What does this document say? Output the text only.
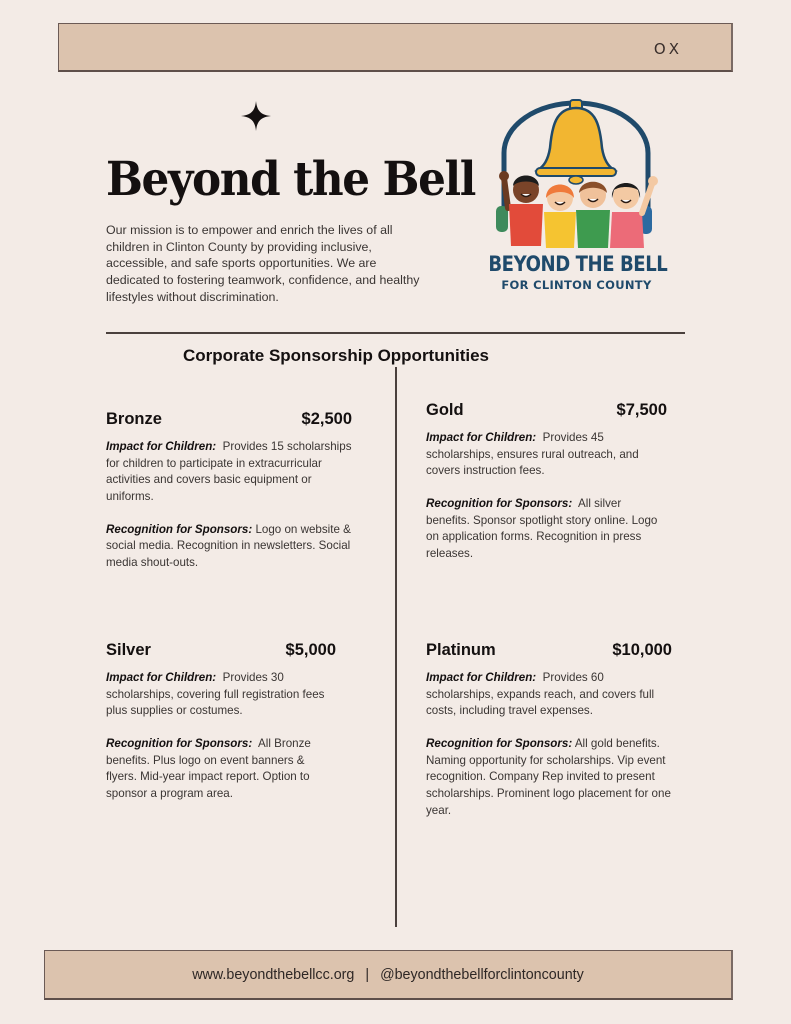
OX
Beyond the Bell
Our mission is to empower and enrich the lives of all children in Clinton County by providing inclusive, accessible, and safe sports opportunities. We are dedicated to fostering teamwork, confidence, and healthy lifestyles without discrimination.
BEYOND THE BELL
FOR CLINTON COUNTY
Corporate Sponsorship Opportunities
Bronze	$2,500

Impact for Children: Provides 15 scholarships for children to participate in extracurricular activities and covers basic equipment or uniforms.

Recognition for Sponsors: Logo on website & social media. Recognition in newsletters. Social media shout-outs.

Gold	$7,500

Impact for Children: Provides 45 scholarships, ensures rural outreach, and covers instruction fees.

Recognition for Sponsors: All silver benefits. Sponsor spotlight story online. Logo on application forms. Recognition in press releases.

Silver	$5,000

Impact for Children: Provides 30 scholarships, covering full registration fees plus supplies or costumes.

Recognition for Sponsors: All Bronze benefits. Plus logo on event banners & flyers. Mid-year impact report. Option to sponsor a program area.

Platinum	$10,000

Impact for Children: Provides 60 scholarships, expands reach, and covers full costs, including travel expenses.

Recognition for Sponsors: All gold benefits. Naming opportunity for scholarships. Vip event recognition. Company Rep invited to present scholarships. Prominent logo placement for one year.

www.beyondthebellcc.org | @beyondthebellforclintoncounty
